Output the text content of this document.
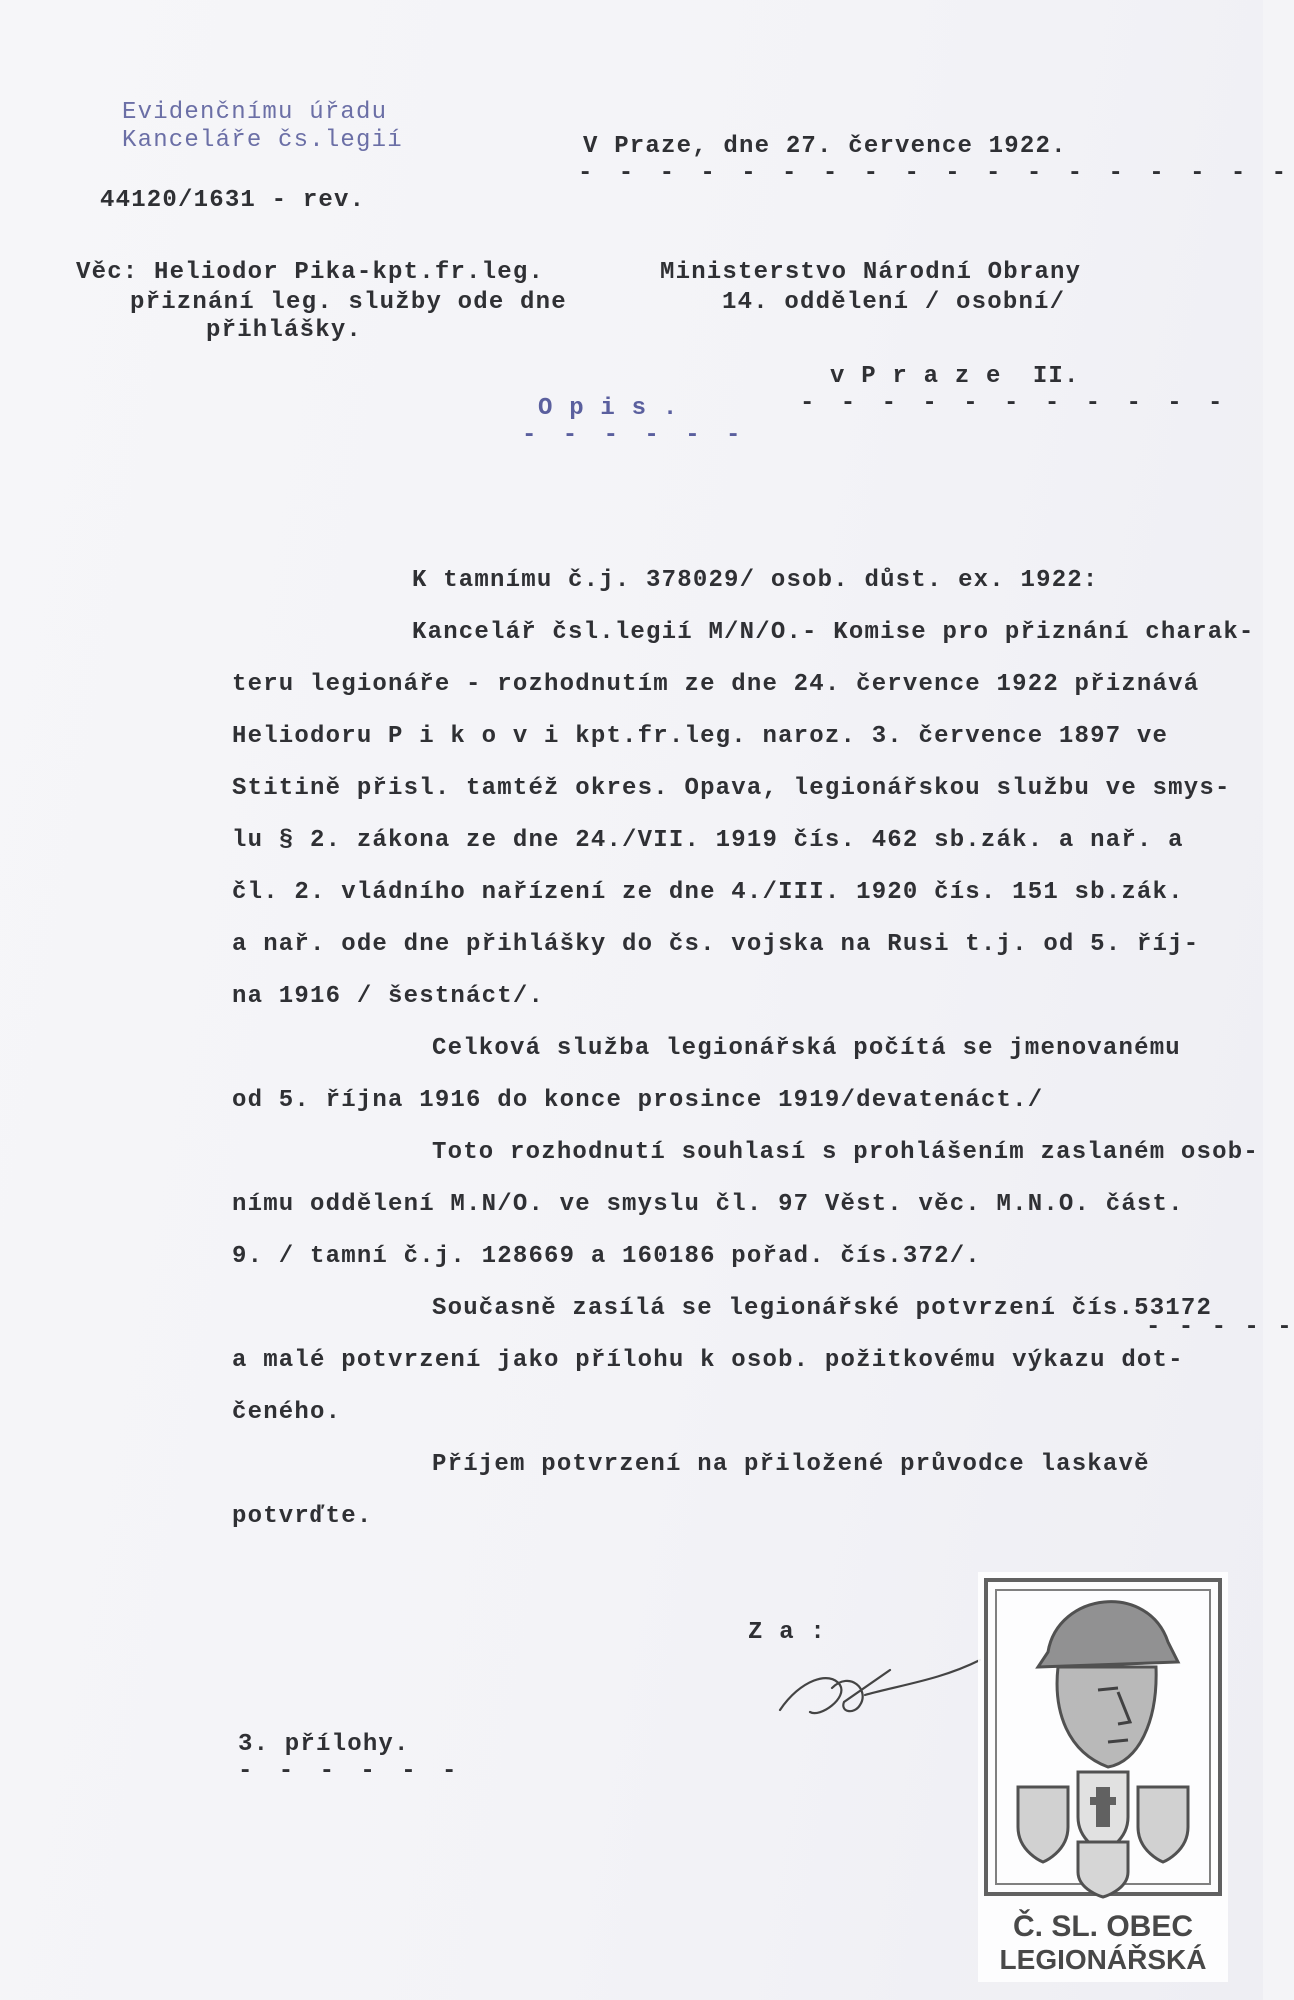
Evidenčnímu úřadu
Kanceláře čs.legií	V Praze, dne 27. července 1922.
- - - - - - - - - - - - - - - - - -
44120/1631 - rev.
Věc: Heliodor Pika-kpt.fr.leg.
přiznání leg. služby ode dne
přihlášky.
Ministerstvo Národní Obrany
14. oddělení / osobní/
v P r a z e  II.
- - - - - - - - - - -
O p i s .
- - - - - -
K tamnímu č.j. 378029/ osob. důst. ex. 1922:
Kancelář čsl.legií M/N/O.- Komise pro přiznání charak-
teru legionáře - rozhodnutím ze dne 24. července 1922 přiznává
Heliodoru P i k o v i kpt.fr.leg. naroz. 3. července 1897 ve
Stitině přisl. tamtéž okres. Opava, legionářskou službu ve smys-
lu § 2. zákona ze dne 24./VII. 1919 čís. 462 sb.zák. a nař. a
čl. 2. vládního nařízení ze dne 4./III. 1920 čís. 151 sb.zák.
a nař. ode dne přihlášky do čs. vojska na Rusi t.j. od 5. říj-
na 1916 / šestnáct/.
Celková služba legionářská počítá se jmenovanému
od 5. října 1916 do konce prosince 1919/devatenáct./
Toto rozhodnutí souhlasí s prohlášením zaslaném osob-
nímu oddělení M.N/O. ve smyslu čl. 97 Věst. věc. M.N.O. část.
9. / tamní č.j. 128669 a 160186 pořad. čís.372/.
Současně zasílá se legionářské potvrzení čís.53172
- - - - -
a malé potvrzení jako přílohu k osob. požitkovému výkazu dot-
čeného.
Příjem potvrzení na přiložené průvodce laskavě
potvrďte.
Z a :
3. přílohy.
- - - - - -
Č. SL. OBEC
LEGIONÁŘSKÁ
